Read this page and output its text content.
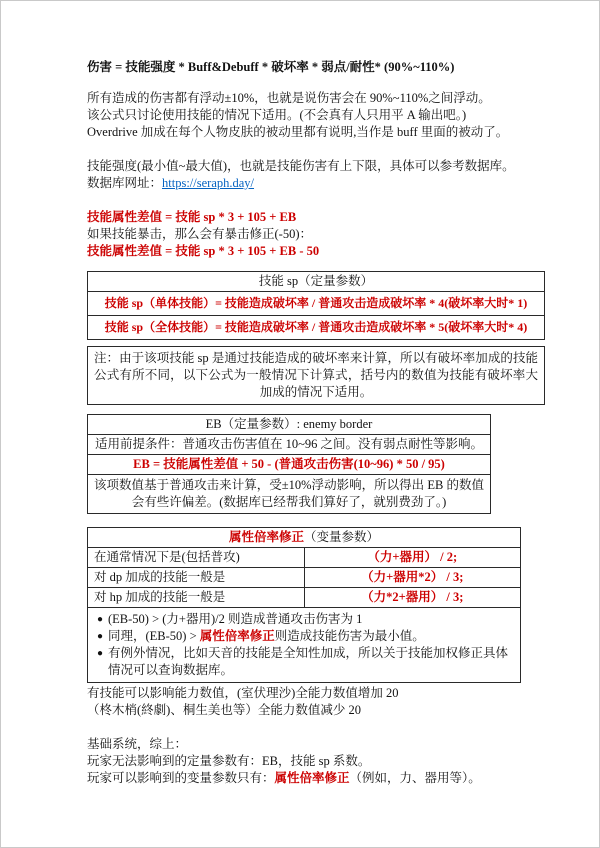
伤害 = 技能强度 * Buff&Debuff * 破坏率 * 弱点/耐性* (90%~110%)

所有造成的伤害都有浮动±10%，也就是说伤害会在 90%~110%之间浮动。
该公式只讨论使用技能的情况下适用。(不会真有人只用平 A 输出吧。)
Overdrive 加成在每个人物皮肤的被动里都有说明,当作是 buff 里面的被动了。
技能强度(最小值~最大值)，也就是技能伤害有上下限，具体可以参考数据库。
数据库网址：https://seraph.day/
技能属性差值 = 技能 sp * 3 + 105 + EB
如果技能暴击，那么会有暴击修正(-50)：
技能属性差值 = 技能 sp * 3 + 105 + EB - 50
技能 sp（定量参数）
技能 sp（单体技能）= 技能造成破坏率 / 普通攻击造成破坏率 * 4(破坏率大时* 1)
技能 sp（全体技能）= 技能造成破坏率 / 普通攻击造成破坏率 * 5(破坏率大时* 4)
注：由于该项技能 sp 是通过技能造成的破坏率来计算，所以有破坏率加成的技能公式有所不同，以下公式为一般情况下计算式，括号内的数值为技能有破坏率大加成的情况下适用。
EB（定量参数）: enemy border
适用前提条件：普通攻击伤害值在 10~96 之间。没有弱点耐性等影响。
EB = 技能属性差值 + 50 - (普通攻击伤害(10~96) * 50 / 95)
该项数值基于普通攻击来计算，受±10%浮动影响，所以得出 EB 的数值会有些许偏差。(数据库已经帮我们算好了，就别费劲了。)
属性倍率修正（变量参数）	
在通常情况下是(包括普攻)	（力+器用） / 2;
对 dp 加成的技能一般是	（力+器用*2） / 3;
对 hp 加成的技能一般是	（力*2+器用） / 3;

● (EB-50) > (力+器用)/2 则造成普通攻击伤害为 1
● 同理，(EB-50) > 属性倍率修正则造成技能伤害为最小值。
● 有例外情况，比如天音的技能是全知性加成，所以关于技能加权修正具体情况可以查询数据库。
有技能可以影响能力数值，(室伏理沙)全能力数值增加 20
（柊木梢(終劇)、桐生美也等）全能力数值减少 20
基础系统，综上：
玩家无法影响到的定量参数有：EB，技能 sp 系数。
玩家可以影响到的变量参数只有：属性倍率修正（例如，力、器用等）。
